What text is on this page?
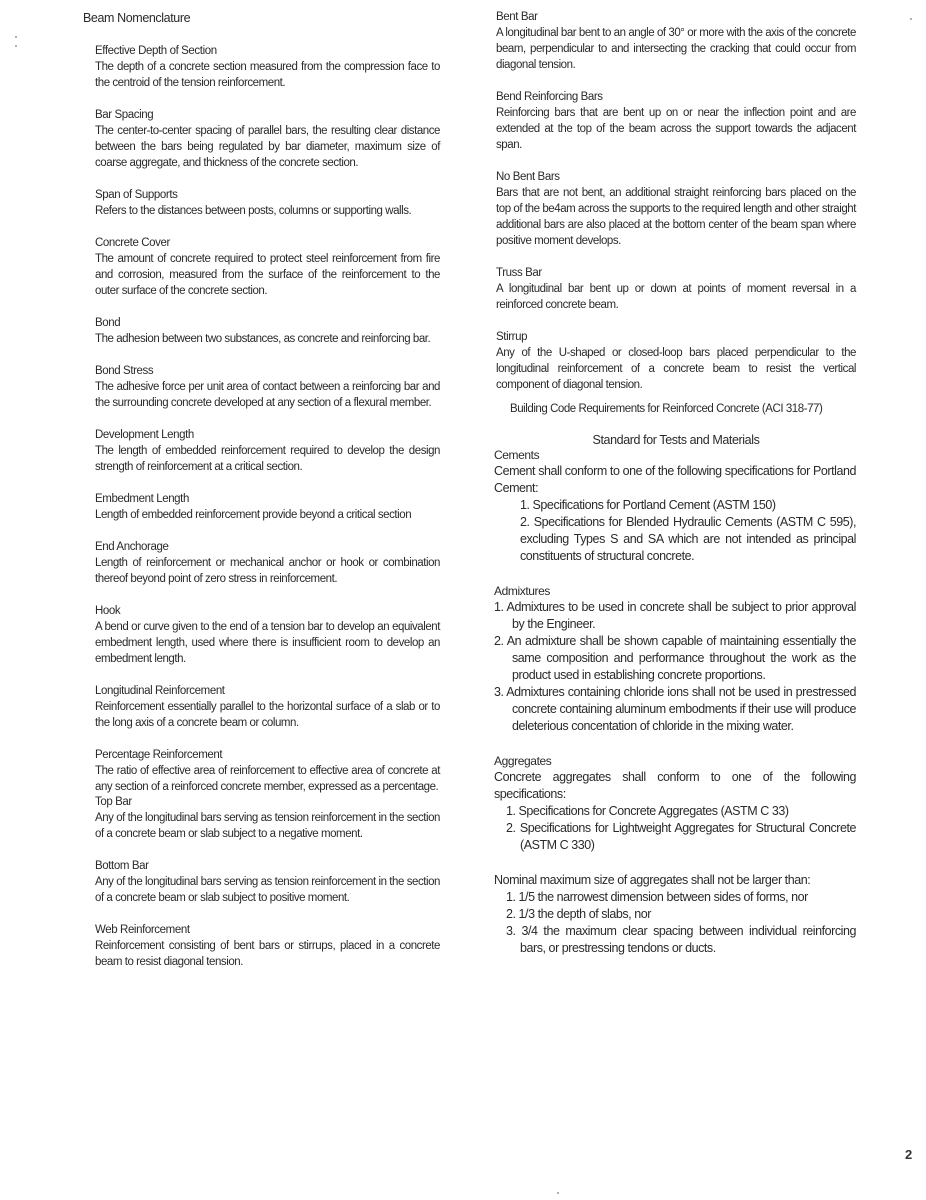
Beam Nomenclature
Effective Depth of Section
The depth of a concrete section measured from the compression face to the centroid of the tension reinforcement.
Bar Spacing
The center-to-center spacing of parallel bars, the resulting clear distance between the bars being regulated by bar diameter, maximum size of coarse aggregate, and thickness of the concrete section.
Span of Supports
Refers to the distances between posts, columns or supporting walls.
Concrete Cover
The amount of concrete required to protect steel reinforcement from fire and corrosion, measured from the surface of the reinforcement to the outer surface of the concrete section.
Bond
The adhesion between two substances, as concrete and reinforcing bar.
Bond Stress
The adhesive force per unit area of contact between a reinforcing bar and the surrounding concrete developed at any section of a flexural member.
Development Length
The length of embedded reinforcement required to develop the design strength of reinforcement at a critical section.
Embedment Length
Length of embedded reinforcement provide beyond a critical section
End Anchorage
Length of reinforcement or mechanical anchor or hook or combination thereof beyond point of zero stress in reinforcement.
Hook
A bend or curve given to the end of a tension bar to develop an equivalent embedment length, used where there is insufficient room to develop an embedment length.
Longitudinal Reinforcement
Reinforcement essentially parallel to the horizontal surface of a slab or to the long axis of a concrete beam or column.
Percentage Reinforcement
The ratio of effective area of reinforcement to effective area of concrete at any section of a reinforced concrete member, expressed as a percentage.
Top Bar
Any of the longitudinal bars serving as tension reinforcement in the section of a concrete beam or slab subject to a negative moment.
Bottom Bar
Any of the longitudinal bars serving as tension reinforcement in the section of a concrete beam or slab subject to positive moment.
Web Reinforcement
Reinforcement consisting of bent bars or stirrups, placed in a concrete beam to resist diagonal tension.
Bent Bar
A longitudinal bar bent to an angle of 30° or more with the axis of the concrete beam, perpendicular to and intersecting the cracking that could occur from diagonal tension.
Bend Reinforcing Bars
Reinforcing bars that are bent up on or near the inflection point and are extended at the top of the beam across the support towards the adjacent span.
No Bent Bars
Bars that are not bent, an additional straight reinforcing bars placed on the top of the be4am across the supports to the required length and other straight additional bars are also placed at the bottom center of the beam span where positive moment develops.
Truss Bar
A longitudinal bar bent up or down at points of moment reversal in a reinforced concrete beam.
Stirrup
Any of the U-shaped or closed-loop bars placed perpendicular to the longitudinal reinforcement of a concrete beam to resist the vertical component of diagonal tension.
Building Code Requirements for Reinforced Concrete (ACI 318-77)
Standard for Tests and Materials
Cements
Cement shall conform to one of the following specifications for Portland Cement:
1. Specifications for Portland Cement (ASTM 150)
2. Specifications for Blended Hydraulic Cements (ASTM C 595), excluding Types S and SA which are not intended as principal constituents of structural concrete.
Admixtures
1. Admixtures to be used in concrete shall be subject to prior approval by the Engineer.
2. An admixture shall be shown capable of maintaining essentially the same composition and performance throughout the work as the product used in establishing concrete proportions.
3. Admixtures containing chloride ions shall not be used in prestressed concrete containing aluminum embodments if their use will produce deleterious concentation of chloride in the mixing water.
Aggregates
Concrete aggregates shall conform to one of the following specifications:
1. Specifications for Concrete Aggregates (ASTM C 33)
2. Specifications for Lightweight Aggregates for Structural Concrete (ASTM C 330)
Nominal maximum size of aggregates shall not be larger than:
1. 1/5 the narrowest dimension between sides of forms, nor
2. 1/3 the depth of slabs, nor
3. 3/4 the maximum clear spacing between individual reinforcing bars, or prestressing tendons or ducts.
2
